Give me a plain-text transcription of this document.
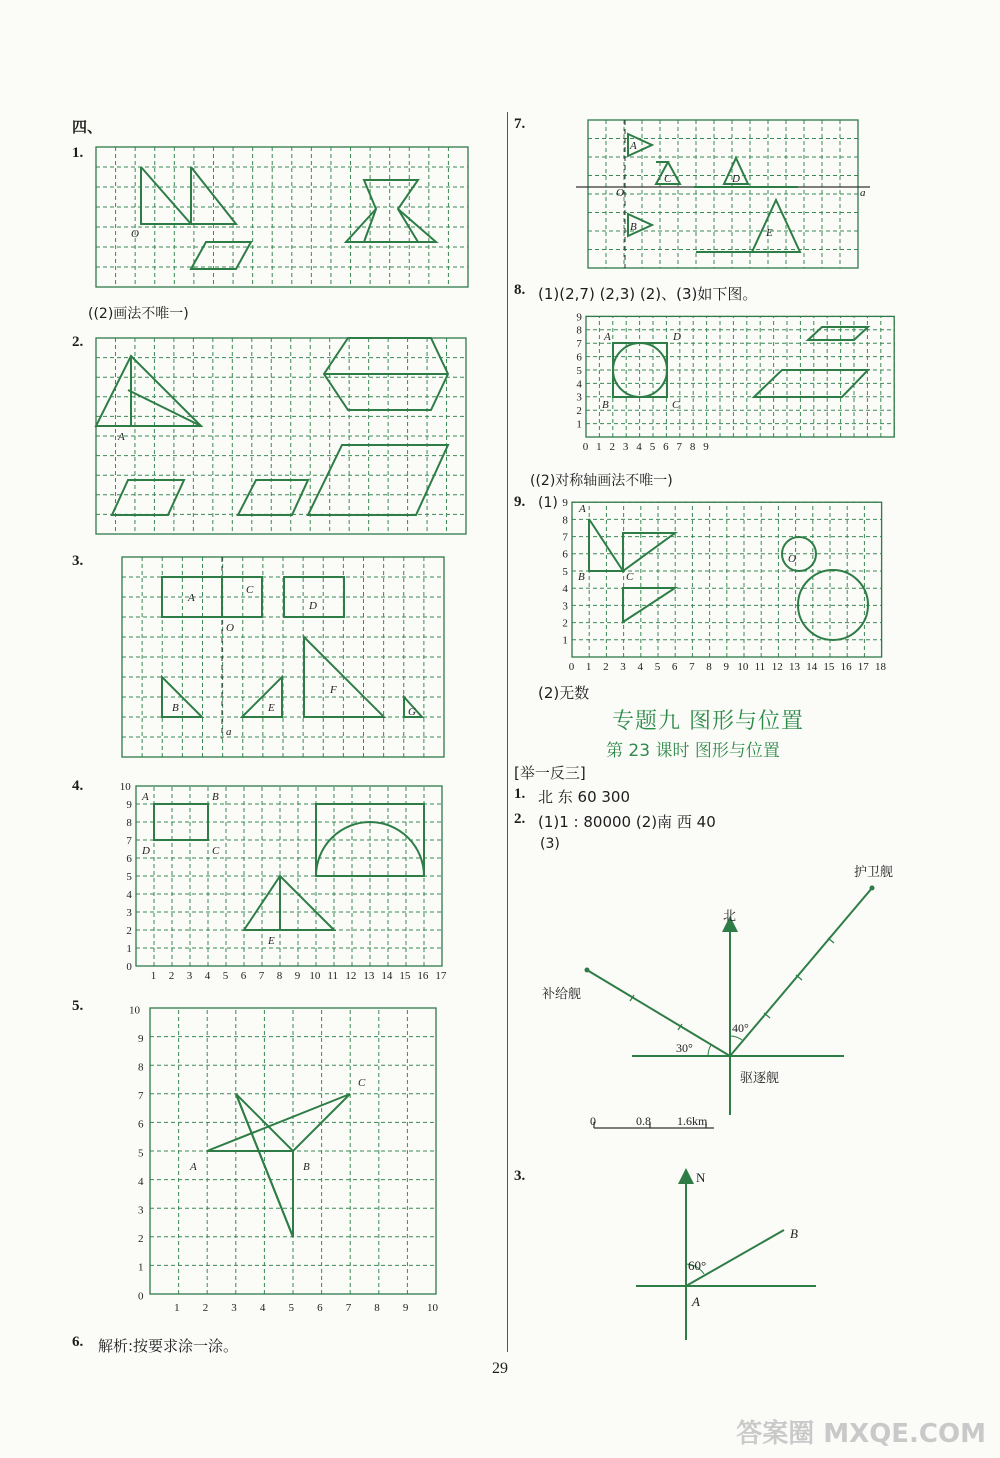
四、
1.
O
((2)画法不唯一)
2.
A
3.
A
C
D
O
B	E
F
G
a
4.
1 2 3 4 5 6 7 8 9 10 11 12 13 14 15 16 17
0
1
2
3
4
5
6
7
8
9
10
A	B
D	C
E
5.
1 2 3 4 5 6 7 8 9 10
0
1
2
3
4
5
6
7
8
9
10
A	B
C
6. 解析:按要求涂一涂。
7.
A
C	D
O	a
B	E
8. (1)(2,7) (2,3) (2)、(3)如下图。
0 1 2 3 4 5 6 7 8 9
1
2
3
4
5
6
7
8
9
A	D
B	C
((2)对称轴画法不唯一)
9. (1)
0 1 2 3 4 5 6 7 8 9 10 11 12 13 14 15 16 17 18
1
2
3
4
5
6
7
8
9 A
B	C
O
(2)无数
专题九 图形与位置
第 23 课时 图形与位置
[举一反三]
1. 北 东 60 300
2. (1)1 : 80000 (2)南 西 40
(3)
北
护卫舰
补给舰
驱逐舰
40°
30°
0	0.8 1.6km
3.	N
60°
A
B
29
答案圈 MXQE.COM
